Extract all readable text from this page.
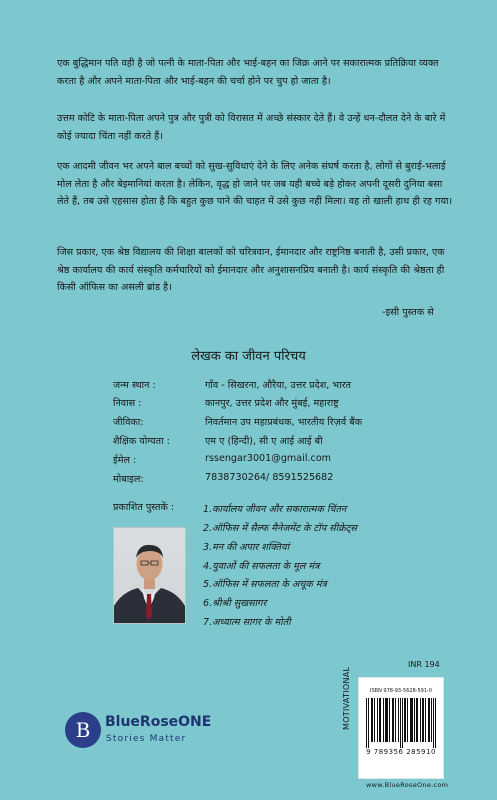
एक बुद्धिमान पति वही है जो पत्नी के माता-पिता और भाई-बहन का जिक्र आने पर सकारात्मक प्रतिक्रिया व्यक्त करता है और अपने माता-पिता और भाई-बहन की चर्चा होने पर चुप हो जाता है।

उत्तम कोटि के माता-पिता अपने पुत्र और पुत्री को विरासत में अच्छे संस्कार देते हैं। वे उन्हें धन-दौलत देने के बारे में कोई ज्यादा चिंता नहीं करते हैं।

एक आदमी जीवन भर अपने बाल बच्चों को सुख-सुविधाएं देने के लिए अनेक संघर्ष करता है, लोगों से बुराई-भलाई मोल लेता है और बेइमानियां करता है। लेकिन, वृद्ध हो जाने पर जब यही बच्चे बड़े होकर अपनी दूसरी दुनिया बसा लेते हैं, तब उसे एहसास होता है कि बहुत कुछ पाने की चाहत में उसे कुछ नहीं मिला। वह तो खाली हाथ ही रह गया।

जिस प्रकार, एक श्रेष्ठ विद्यालय की शिक्षा बालकों को चरित्रवान, ईमानदार और राष्ट्रनिष्ठ बनाती है, उसी प्रकार, एक श्रेष्ठ कार्यालय की कार्य संस्कृति कर्मचारियों को ईमानदार और अनुशासनप्रिय बनाती है। कार्य संस्कृति की श्रेष्ठता ही किसी ऑफिस का असली ब्रांड है।

-इसी पुस्तक से
लेखक का जीवन परिचय
जन्म स्थान :	गाँव - सिखरना, औरैया, उत्तर प्रदेश, भारत
निवास :	कानपुर, उत्तर प्रदेश और मुंबई, महाराष्ट्र
जीविका:	निवर्तमान उप महाप्रबंधक, भारतीय रिज़र्व बैंक
शैक्षिक योग्यता :	एम ए (हिन्दी), सी ए आई आई बी
ईमेल :	rssengar3001@gmail.com
मोबाइल:	7838730264/ 8591525682
प्रकाशित पुस्तकें :	1.कार्यालय जीवन और सकारात्मक चिंतन
2.ऑफिस में सैल्फ मैनेजमेंट के टॉप सीक्रेट्स
3.मन की अपार शक्तियां
4.युवाओं की सफलता के मूल मंत्र
5.ऑफिस में सफलता के अचूक मंत्र
6.श्रीश्री सुखसागर
7.अध्यात्म सागर के मोती
INR 194
MOTIVATIONAL	ISBN 978-93-5628-591-0
9 789356 285910
www.BlueRoseOne.com
B BlueRoseONE
Stories Matter
